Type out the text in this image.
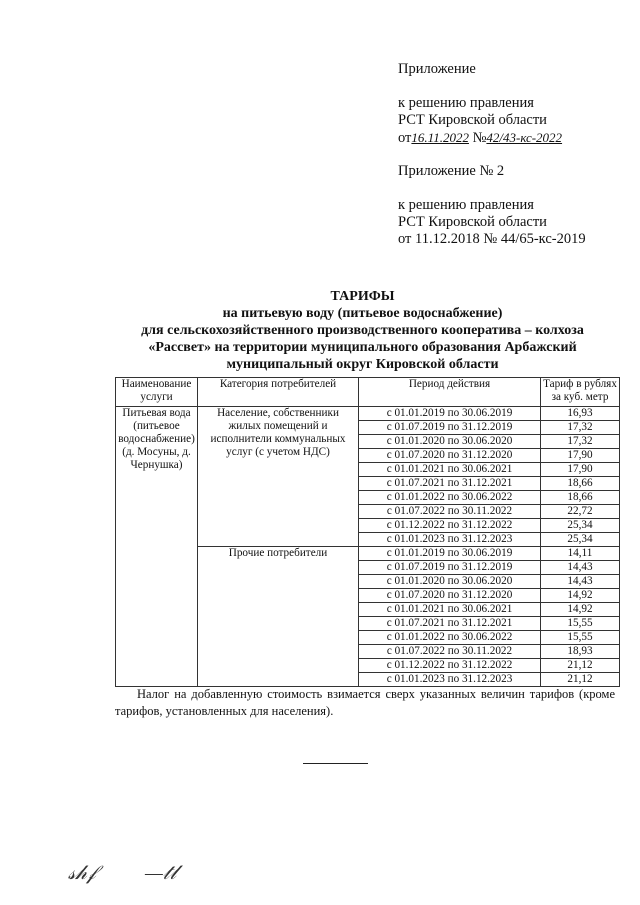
Приложение
к решению правления
РСТ Кировской области
от16.11.2022 №42/43-кс-2022
Приложение № 2
к решению правления
РСТ Кировской области
от 11.12.2018 № 44/65-кс-2019
ТАРИФЫ
на питьевую воду (питьевое водоснабжение)
для сельскохозяйственного производственного кооператива – колхоза
«Рассвет» на территории муниципального образования Арбажский
муниципальный округ Кировской области
Наименование услуги	Категория потребителей	Период действия	Тариф в рублях за куб. метр
Питьевая вода (питьевое водоснабжение) (д. Мосуны, д. Чернушка)	Население, собственники жилых помещений и исполнители коммунальных услуг (с учетом НДС)	с 01.01.2019 по 30.06.2019	16,93
		с 01.07.2019 по 31.12.2019	17,32
		с 01.01.2020 по 30.06.2020	17,32
		с 01.07.2020 по 31.12.2020	17,90
		с 01.01.2021 по 30.06.2021	17,90
		с 01.07.2021 по 31.12.2021	18,66
		с 01.01.2022 по 30.06.2022	18,66
		с 01.07.2022 по 30.11.2022	22,72
		с 01.12.2022 по 31.12.2022	25,34
		с 01.01.2023 по 31.12.2023	25,34
	Прочие потребители	с 01.01.2019 по 30.06.2019	14,11
		с 01.07.2019 по 31.12.2019	14,43
		с 01.01.2020 по 30.06.2020	14,43
		с 01.07.2020 по 31.12.2020	14,92
		с 01.01.2021 по 30.06.2021	14,92
		с 01.07.2021 по 31.12.2021	15,55
		с 01.01.2022 по 30.06.2022	15,55
		с 01.07.2022 по 30.11.2022	18,93
		с 01.12.2022 по 31.12.2022	21,12
		с 01.01.2023 по 31.12.2023	21,12
Налог на добавленную стоимость взимается сверх указанных величин тарифов (кроме тарифов, установленных для населения).
𝓈𝒽𝒻 —𝓉𝓁
